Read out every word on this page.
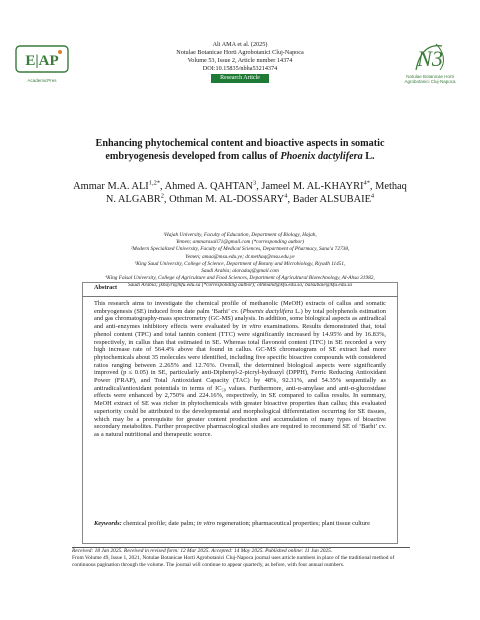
E|AP
AcademicPres
N3
Notulae Botanicae Horti
Agrobotanici Cluj-Napoca
Ali AMA et al. (2025)
Notulae Botanicae Horti Agrobotanici Cluj-Napoca
Volume 53, Issue 2, Article number 14374
DOI:10.15835/nbha53214374
Research Article
Enhancing phytochemical content and bioactive aspects in somatic
embryogenesis developed from callus of Phoenix dactylifera L.
Ammar M.A. $ALI^{1,2*}$, Ahmed A. QAHTAN$^3$, Jameel M. $AL-KHAYRI^{4*}$, Methaq N. ALGABR$^2$, Othman M. AL-DOSSARY$^4$, Bader ALSUBAIE$^4$
¹Hajah University, Faculty of Education, Department of Biology, Hajah,
Yemen; ammarasali71@gmail.com (*corresponding author)
²Modern Specialized University, Faculty of Medical Sciences, Department of Pharmacy, Sana'a 72738,
Yemen; amaa@msu.edu.ye; dr.methaq@msu.edu.ye
³King Saud University, College of Science, Department of Botany and Microbiology, Riyadh 11451,
Saudi Arabia; aloradaq@gmail.com
⁴King Faisal University, College of Agriculture and Food Sciences, Department of Agricultural Biotechnology, Al-Ahsa 31982,
Saudi Arabia; jkhayri@kfu.edu.sa (*corresponding author); othmand@kfu.edu.sa; balsubaie@kfu.edu.sa
Abstract
This research aims to investigate the chemical profile of methanolic (MeOH) extracts of callus and somatic embryogenesis (SE) induced from date palm ‘Barhi’ cv. (Phoenix dactylifera L.) by total polyphenols estimation and gas chromatography-mass spectrometry (GC-MS) analysis. In addition, some biological aspects as antiradical and anti-enzymes inhibitory effects were evaluated by in vitro examinations. Results demonstrated that, total phenol content (TPC) and total tannin content (TTC) were significantly increased by 14.95% and by 16.83%, respectively, in callus than that estimated in SE. Whereas total flavonoid content (TFC) in SE recorded a very high increase rate of 564.4% above that found in callus. GC-MS chromatogram of SE extract had more phytochemicals about 35 molecules were identified, including five specific bioactive compounds with considered ratios ranging between 2.265% and 12.76%. Overall, the determined biological aspects were significantly improved (p ≤ 0.05) in SE, particularly anti-Diphenyl-2-picryl-hydrazyl (DPPH), Ferric Reducing Antioxidant Power (FRAP), and Total Antioxidant Capacity (TAC) by 48%, 92.31%, and 54.35% sequentially as antiradical/antioxidant potentials in terms of IC₅₀ values. Furthermore, anti-α-amylase and anti-α-glucosidase effects were enhanced by 2,750% and 224.16%, respectively, in SE compared to callus results. In summary, MeOH extract of SE was richer in phytochemicals with greater bioactive properties than callus; this evaluated superiority could be attributed to the developmental and morphological differentiation occurring for SE tissues, which may be a prerequisite for greater content production and accumulation of many types of bioactive secondary metabolites. Further prospective pharmacological studies are required to recommend SE of ‘Barhi’ cv. as a natural nutritional and therapeutic source.
Keywords: chemical profile; date palm; in vitro regeneration; pharmaceutical properties; plant tissue culture
Received: 18 Jan 2025. Received in revised form: 12 Mar 2025. Accepted: 14 May 2025. Published online: 11 Jun 2025.
From Volume 49, Issue 1, 2021, Notulae Botanicae Horti Agrobotanici Cluj-Napoca journal uses article numbers in place of the traditional method of continuous pagination through the volume. The journal will continue to appear quarterly, as before, with four annual numbers.
